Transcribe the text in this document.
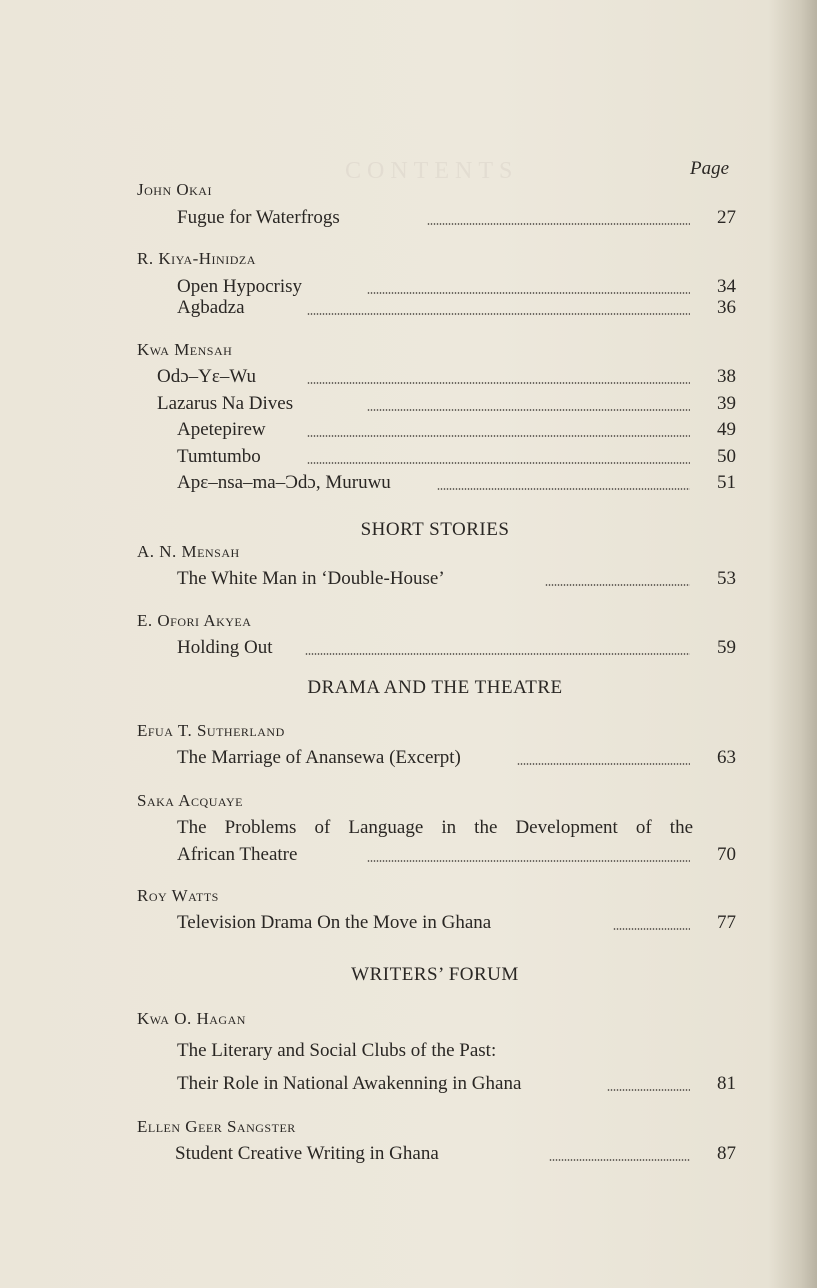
CONTENTS	Page
John Okai
Fugue for Waterfrogs	27
R. Kiya-Hinidza
Open Hypocrisy	34
Agbadza	36
Kwa Mensah
Odɔ–Yɛ–Wu	38
Lazarus Na Dives	39
Apetepirew	49
Tumtumbo	50
Apɛ–nsa–ma–Ɔdɔ, Muruwu	51
SHORT STORIES
A. N. Mensah
The White Man in ‘Double-House’	53
E. Ofori Akyea
Holding Out	59
DRAMA AND THE THEATRE
Efua T. Sutherland
The Marriage of Anansewa (Excerpt)	63
Saka Acquaye
The Problems of Language in the Development of the
African Theatre	70
Roy Watts
Television Drama On the Move in Ghana	77
WRITERS’ FORUM
Kwa O. Hagan
The Literary and Social Clubs of the Past:
Their Role in National Awakenning in Ghana	81
Ellen Geer Sangster
Student Creative Writing in Ghana	87
